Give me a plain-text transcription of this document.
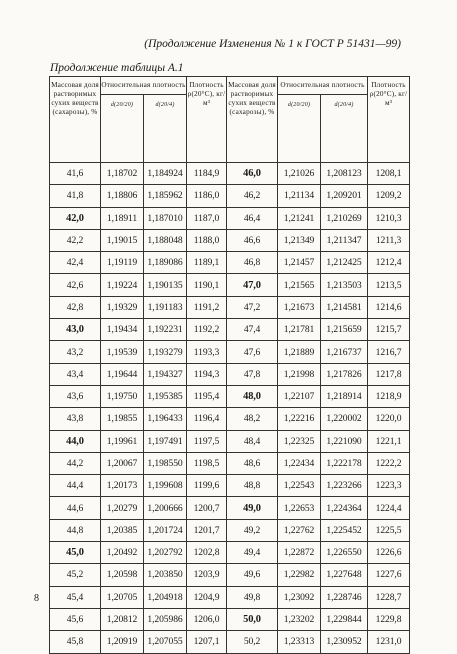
(Продолжение Изменения № 1 к ГОСТ Р 51431—99)
Продолжение таблицы А.1
Массовая доля растворимых сухих веществ (сахарозы), %	Относительная плотность		Плотность ρ(20°C), кг/м³	Массовая доля растворимых сухих веществ (сахарозы), %	Относительная плотность		Плотность ρ(20°C), кг/м³
	d(20/20)	d(20/4)			d(20/20)	d(20/4)	
41,6	1,18702	1,184924	1184,9	46,0	1,21026	1,208123	1208,1
41,8	1,18806	1,185962	1186,0	46,2	1,21134	1,209201	1209,2
42,0	1,18911	1,187010	1187,0	46,4	1,21241	1,210269	1210,3
42,2	1,19015	1,188048	1188,0	46,6	1,21349	1,211347	1211,3
42,4	1,19119	1,189086	1189,1	46,8	1,21457	1,212425	1212,4
42,6	1,19224	1,190135	1190,1	47,0	1,21565	1,213503	1213,5
42,8	1,19329	1,191183	1191,2	47,2	1,21673	1,214581	1214,6
43,0	1,19434	1,192231	1192,2	47,4	1,21781	1,215659	1215,7
43,2	1,19539	1,193279	1193,3	47,6	1,21889	1,216737	1216,7
43,4	1,19644	1,194327	1194,3	47,8	1,21998	1,217826	1217,8
43,6	1,19750	1,195385	1195,4	48,0	1,22107	1,218914	1218,9
43,8	1,19855	1,196433	1196,4	48,2	1,22216	1,220002	1220,0
44,0	1,19961	1,197491	1197,5	48,4	1,22325	1,221090	1221,1
44,2	1,20067	1,198550	1198,5	48,6	1,22434	1,222178	1222,2
44,4	1,20173	1,199608	1199,6	48,8	1,22543	1,223266	1223,3
44,6	1,20279	1,200666	1200,7	49,0	1,22653	1,224364	1224,4
44,8	1,20385	1,201724	1201,7	49,2	1,22762	1,225452	1225,5
45,0	1,20492	1,202792	1202,8	49,4	1,22872	1,226550	1226,6
45,2	1,20598	1,203850	1203,9	49,6	1,22982	1,227648	1227,6
45,4	1,20705	1,204918	1204,9	49,8	1,23092	1,228746	1228,7
45,6	1,20812	1,205986	1206,0	50,0	1,23202	1,229844	1229,8
45,8	1,20919	1,207055	1207,1	50,2	1,23313	1,230952	1231,0
8
